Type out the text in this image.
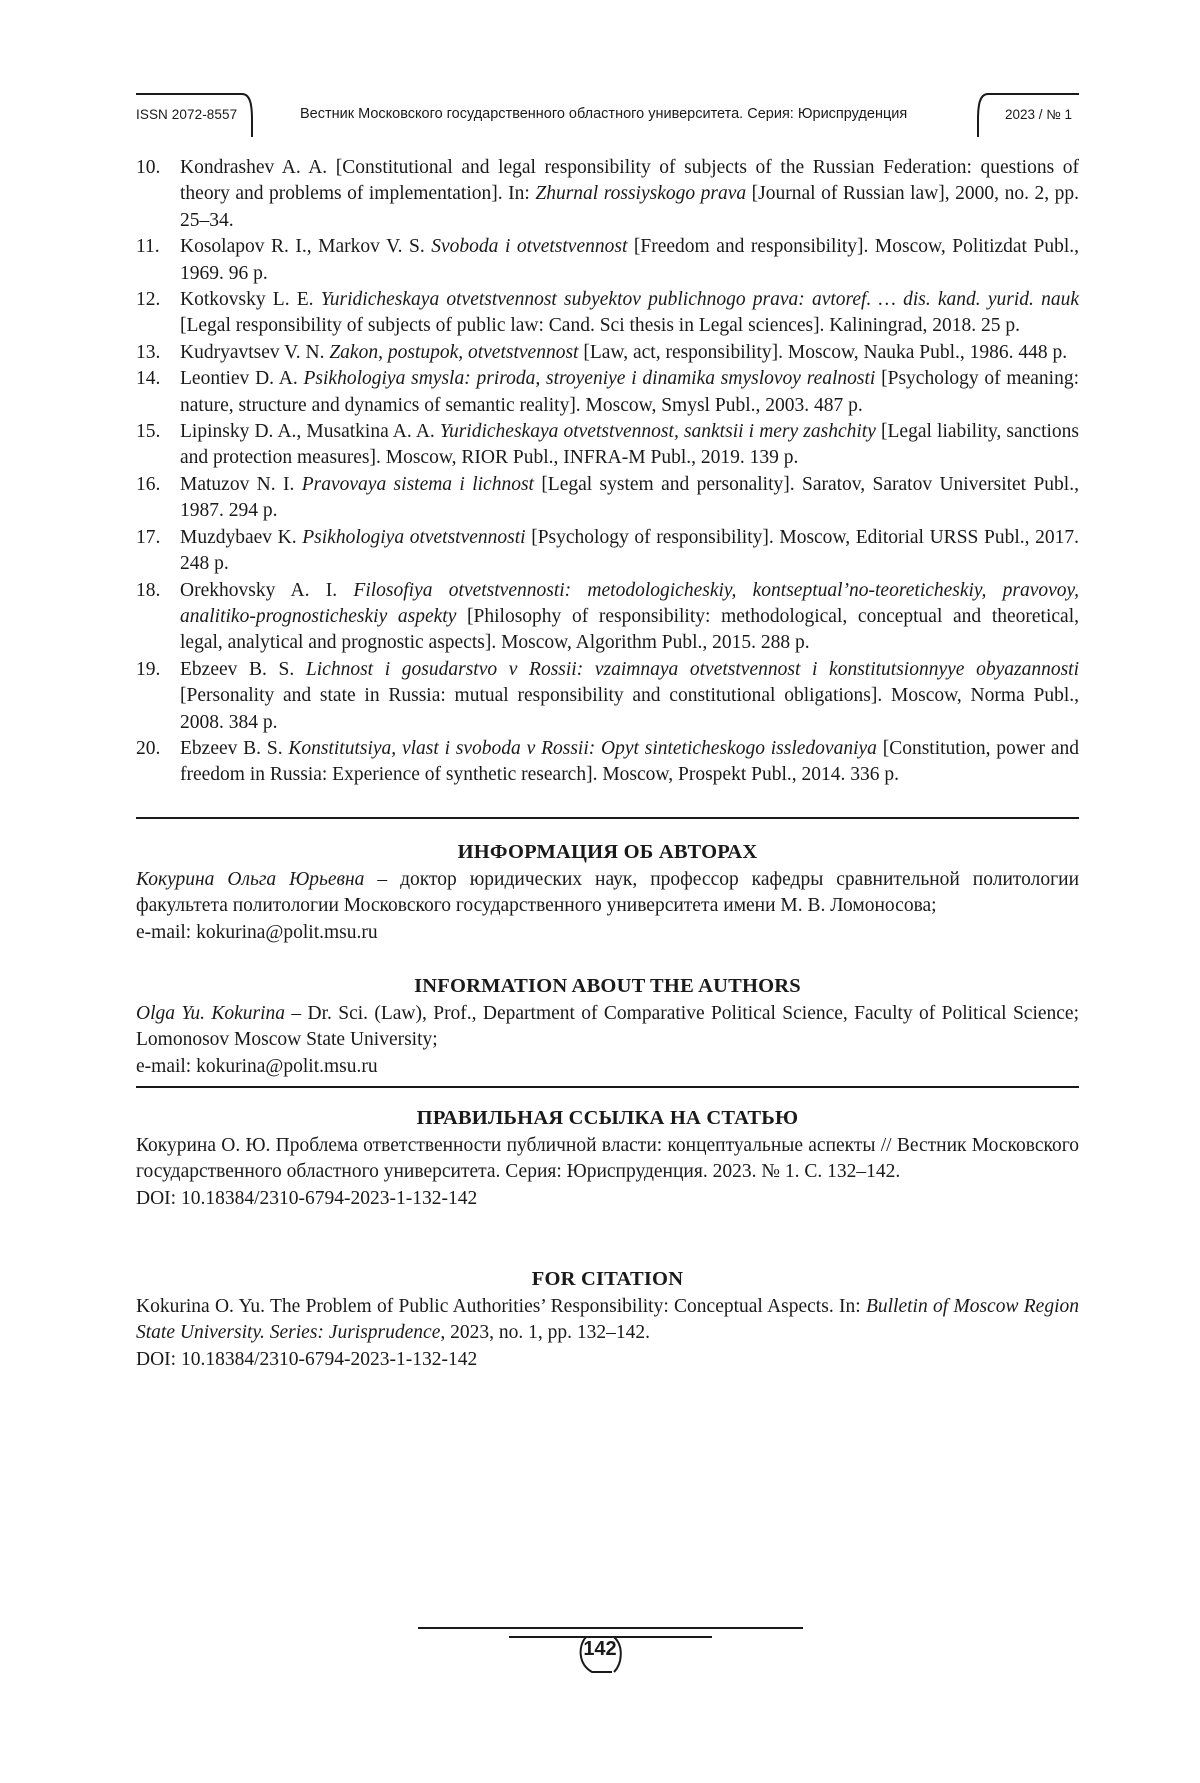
ISSN 2072-8557	Вестник Московского государственного областного университета. Серия: Юриспруденция	2023 / № 1
10. Kondrashev A. A. [Constitutional and legal responsibility of subjects of the Russian Federation: questions of theory and problems of implementation]. In: Zhurnal rossiyskogo prava [Journal of Russian law], 2000, no. 2, pp. 25–34.
11. Kosolapov R. I., Markov V. S. Svoboda i otvetstvennost [Freedom and responsibility]. Moscow, Politizdat Publ., 1969. 96 p.
12. Kotkovsky L. E. Yuridicheskaya otvetstvennost subyektov publichnogo prava: avtoref. … dis. kand. yurid. nauk [Legal responsibility of subjects of public law: Cand. Sci thesis in Legal sciences]. Kaliningrad, 2018. 25 p.
13. Kudryavtsev V. N. Zakon, postupok, otvetstvennost [Law, act, responsibility]. Moscow, Nauka Publ., 1986. 448 p.
14. Leontiev D. A. Psikhologiya smysla: priroda, stroyeniye i dinamika smyslovoy realnosti [Psychology of meaning: nature, structure and dynamics of semantic reality]. Moscow, Smysl Publ., 2003. 487 p.
15. Lipinsky D. A., Musatkina A. A. Yuridicheskaya otvetstvennost, sanktsii i mery zashchity [Legal liability, sanctions and protection measures]. Moscow, RIOR Publ., INFRA-M Publ., 2019. 139 p.
16. Matuzov N. I. Pravovaya sistema i lichnost [Legal system and personality]. Saratov, Saratov Universitet Publ., 1987. 294 p.
17. Muzdybaev K. Psikhologiya otvetstvennosti [Psychology of responsibility]. Moscow, Editorial URSS Publ., 2017. 248 p.
18. Orekhovsky A. I. Filosofiya otvetstvennosti: metodologicheskiy, kontseptual’no-teoreticheskiy, pravovoy, analitiko-prognosticheskiy aspekty [Philosophy of responsibility: methodological, conceptual and theoretical, legal, analytical and prognostic aspects]. Moscow, Algorithm Publ., 2015. 288 p.
19. Ebzeev B. S. Lichnost i gosudarstvo v Rossii: vzaimnaya otvetstvennost i konstitutsionnyye obyazannosti [Personality and state in Russia: mutual responsibility and constitutional obligations]. Moscow, Norma Publ., 2008. 384 p.
20. Ebzeev B. S. Konstitutsiya, vlast i svoboda v Rossii: Opyt sinteticheskogo issledovaniya [Constitution, power and freedom in Russia: Experience of synthetic research]. Moscow, Prospekt Publ., 2014. 336 p.
ИНФОРМАЦИЯ ОБ АВТОРАХ

Кокурина Ольга Юрьевна – доктор юридических наук, профессор кафедры сравнительной политологии факультета политологии Московского государственного университета имени М. В. Ломоносова;

e-mail: kokurina@polit.msu.ru

INFORMATION ABOUT THE AUTHORS

Olga Yu. Kokurina – Dr. Sci. (Law), Prof., Department of Comparative Political Science, Faculty of Political Science; Lomonosov Moscow State University;

e-mail: kokurina@polit.msu.ru

ПРАВИЛЬНАЯ ССЫЛКА НА СТАТЬЮ

Кокурина О. Ю. Проблема ответственности публичной власти: концептуальные аспекты // Вестник Московского государственного областного университета. Серия: Юриспруденция. 2023. № 1. С. 132–142.

DOI: 10.18384/2310-6794-2023-1-132-142

FOR CITATION

Kokurina O. Yu. The Problem of Public Authorities’ Responsibility: Conceptual Aspects. In: Bulletin of Moscow Region State University. Series: Jurisprudence, 2023, no. 1, pp. 132–142.

DOI: 10.18384/2310-6794-2023-1-132-142

142
